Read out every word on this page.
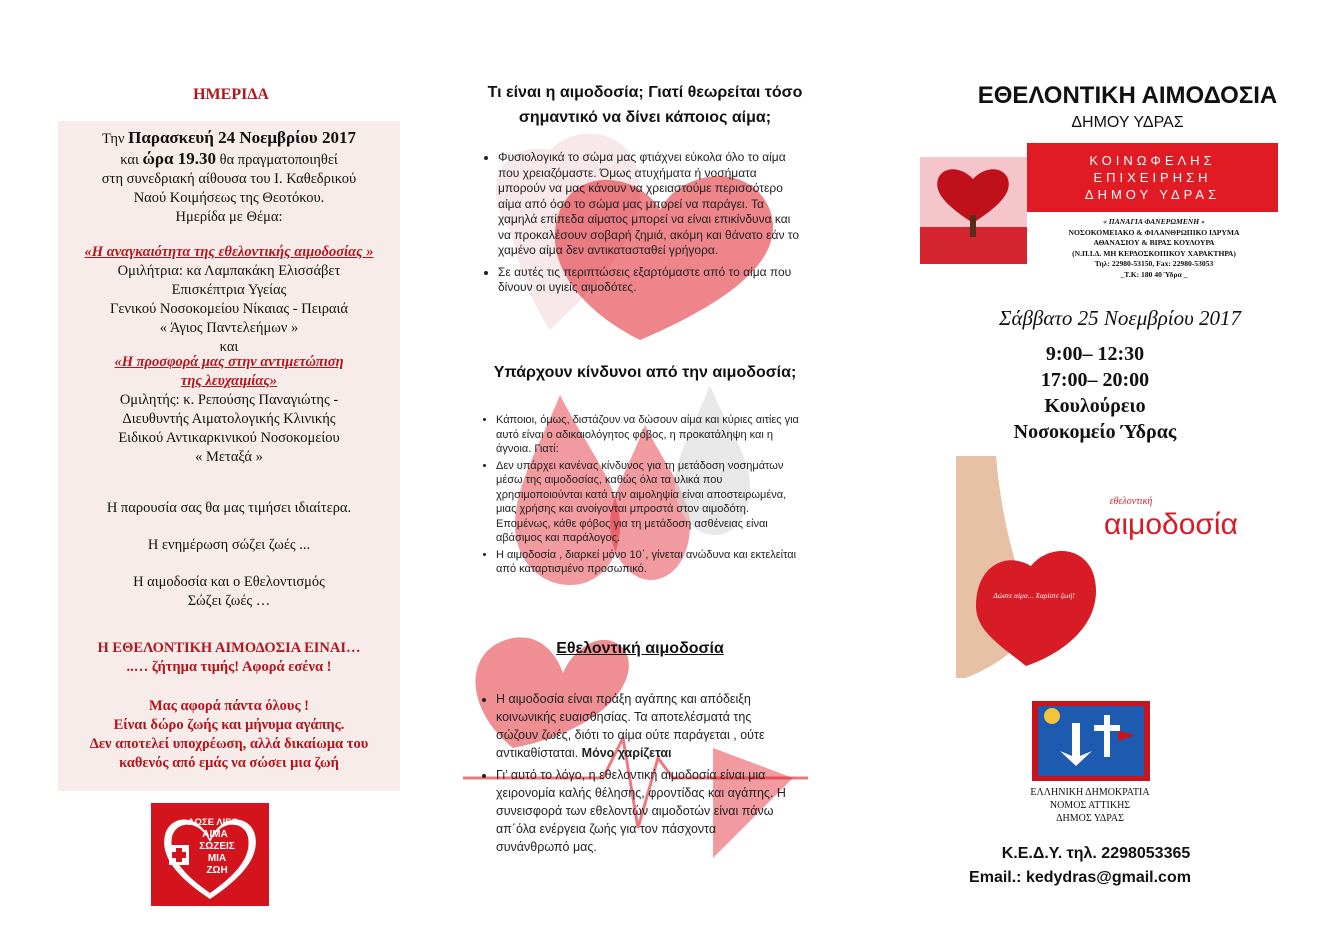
ΗΜΕΡΙΔΑ
Την Παρασκευή 24 Νοεμβρίου 2017
και ώρα 19.30 θα πραγματοποιηθεί
στη συνεδριακή αίθουσα του Ι. Καθεδρικού
Ναού Κοιμήσεως της Θεοτόκου.
Ημερίδα με Θέμα:
«Η αναγκαιότητα της εθελοντικής αιμοδοσίας »
Ομιλήτρια: κα Λαμπακάκη Ελισσάβετ
Επισκέπτρια Υγείας
Γενικού Νοσοκομείου Νίκαιας - Πειραιά
« Άγιος Παντελεήμων »
και
«Η προσφορά μας στην αντιμετώπιση
της λευχαιμίας»
Ομιλητής: κ. Ρεπούσης Παναγιώτης -
Διευθυντής Αιματολογικής Κλινικής
Ειδικού Αντικαρκινικού Νοσοκομείου
« Μεταξά »

Η παρουσία σας θα μας τιμήσει ιδιαίτερα.

Η ενημέρωση σώζει ζωές ...

Η αιμοδοσία και ο Εθελοντισμός
Σώζει ζωές …

Η ΕΘΕΛΟΝΤΙΚΗ ΑΙΜΟΔΟΣΙΑ ΕΙΝΑΙ…
..… ζήτημα τιμής! Αφορά εσένα !

Μας αφορά πάντα όλους !
Είναι δώρο ζωής και μήνυμα αγάπης.
Δεν αποτελεί υποχρέωση, αλλά δικαίωμα του
καθενός από εμάς να σώσει μια ζωή

ΔΩΣΕ ΛΙΓΟ
ΑΙΜΑ
ΣΩΖΕΙΣ
ΜΙΑ
ΖΩΗ
Τι είναι η αιμοδοσία; Γιατί θεωρείται τόσο σημαντικό να δίνει κάποιος αίμα;
• Φυσιολογικά το σώμα μας φτιάχνει εύκολα όλο το αίμα που χρειαζόμαστε. Όμως ατυχήματα ή νοσήματα μπορούν να μας κάνουν να χρειαστούμε περισσότερο αίμα από όσο το σώμα μας μπορεί να παράγει. Τα χαμηλά επίπεδα αίματος μπορεί να είναι επικίνδυνα και να προκαλέσουν σοβαρή ζημιά, ακόμη και θάνατο εάν το χαμένο αίμα δεν αντικατασταθεί γρήγορα.
• Σε αυτές τις περιπτώσεις εξαρτόμαστε από το αίμα που δίνουν οι υγιείς αιμοδότες.
Υπάρχουν κίνδυνοι από την αιμοδοσία;
• Κάποιοι, όμως, διστάζουν να δώσουν αίμα και κύριες αιτίες για αυτό είναι ο αδικαιολόγητος φόβος, η προκατάληψη και η άγνοια. Γιατί:
• Δεν υπάρχει κανένας κίνδυνος για τη μετάδοση νοσημάτων μέσω της αιμοδοσίας, καθώς όλα τα υλικά που χρησιμοποιούνται κατά την αιμοληψία είναι αποστειρωμένα, μιας χρήσης και ανοίγονται μπροστά στον αιμοδότη. Επομένως, κάθε φόβος για τη μετάδοση ασθένειας είναι αβάσιμος και παράλογος.
• Η αιμοδοσία , διαρκεί μόνο 10΄, γίνεται ανώδυνα και εκτελείται από καταρτισμένο προσωπικό.
Εθελοντική αιμοδοσία
• Η αιμοδοσία είναι πράξη αγάπης και απόδειξη κοινωνικής ευαισθησίας. Τα αποτελέσματά της σώζουν ζωές, διότι το αίμα ούτε παράγεται , ούτε αντικαθίσταται. Μόνο χαρίζεται
• Γι’ αυτό το λόγο, η εθελοντική αιμοδοσία είναι μια χειρονομία καλής θέλησης, φροντίδας και αγάπης. Η συνεισφορά των εθελοντών αιμοδοτών είναι πάνω απ΄όλα ενέργεια ζωής για τον πάσχοντα συνάνθρωπό μας.
ΕΘΕΛΟΝΤΙΚΗ ΑΙΜΟΔΟΣΙΑ
ΔΗΜΟΥ ΥΔΡΑΣ
ΚΟΙΝΩΦΕΛΗΣ
ΕΠΙΧΕΙΡΗΣΗ
ΔΗΜΟΥ ΥΔΡΑΣ
« ΠΑΝΑΓΙΑ ΦΑΝΕΡΩΜΕΝΗ »
ΝΟΣΟΚΟΜΕΙΑΚΟ & ΦΙΛΑΝΘΡΩΠΙΚΟ ΙΔΡΥΜΑ
ΑΘΑΝΑΣΙΟΥ & ΒΙΡΑΣ ΚΟΥΛΟΥΡΑ
(Ν.Π.Ι.Δ. ΜΗ ΚΕΡΔΟΣΚΟΠΙΚΟΥ ΧΑΡΑΚΤΗΡΑ)
Τηλ: 22980-53150, Fax: 22980-53053
_T.K: 180 40 Ύδρα _
Σάββατο 25 Νοεμβρίου 2017
9:00– 12:30
17:00– 20:00
Κουλούρειο
Νοσοκομείο Ύδρας
Δώστε αίμα... Χαρίστε ζωή!
εθελοντική
αιμοδοσία
ΕΛΛΗΝΙΚΗ ΔΗΜΟΚΡΑΤΙΑ
ΝΟΜΟΣ ΑΤΤΙΚΗΣ
ΔΗΜΟΣ ΥΔΡΑΣ
Κ.Ε.Δ.Υ. τηλ. 2298053365
Email.: kedydras@gmail.com
